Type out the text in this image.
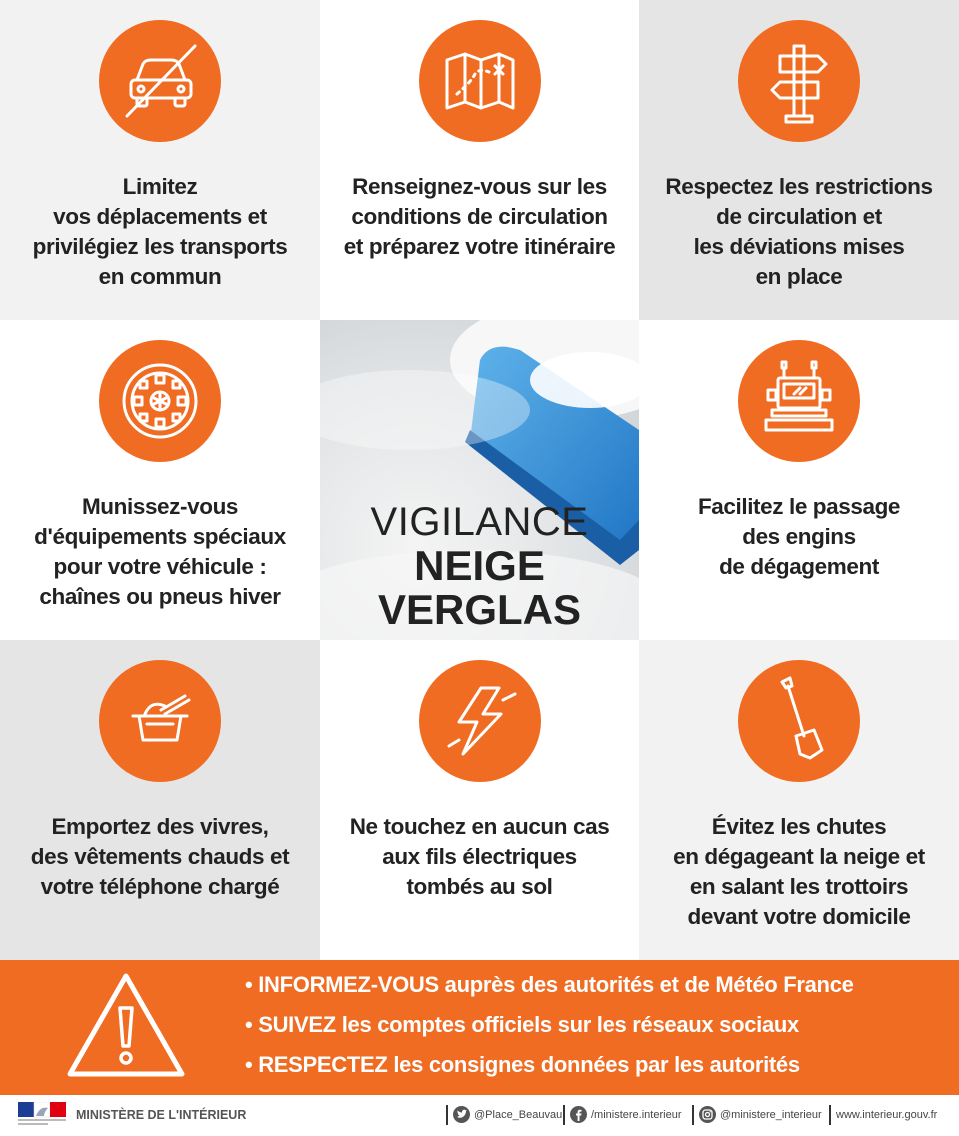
Limitez
vos déplacements et
privilégiez les transports
en commun
Renseignez-vous sur les
conditions de circulation
et préparez votre itinéraire
Respectez les restrictions
de circulation et
les déviations mises
en place
Munissez-vous
d'équipements spéciaux
pour votre véhicule :
chaînes ou pneus hiver
VIGILANCE
NEIGE
VERGLAS
Facilitez le passage
des engins
de dégagement
Emportez des vivres,
des vêtements chauds et
votre téléphone chargé
Ne touchez en aucun cas
aux fils électriques
tombés au sol
Évitez les chutes
en dégageant la neige et
en salant les trottoirs
devant votre domicile
• INFORMEZ-VOUS auprès des autorités et de Météo France
• SUIVEZ les comptes officiels sur les réseaux sociaux
• RESPECTEZ les consignes données par les autorités
MINISTÈRE DE L'INTÉRIEUR	@Place_Beauvau	/ministere.interieur	@ministere_interieur www.interieur.gouv.fr
